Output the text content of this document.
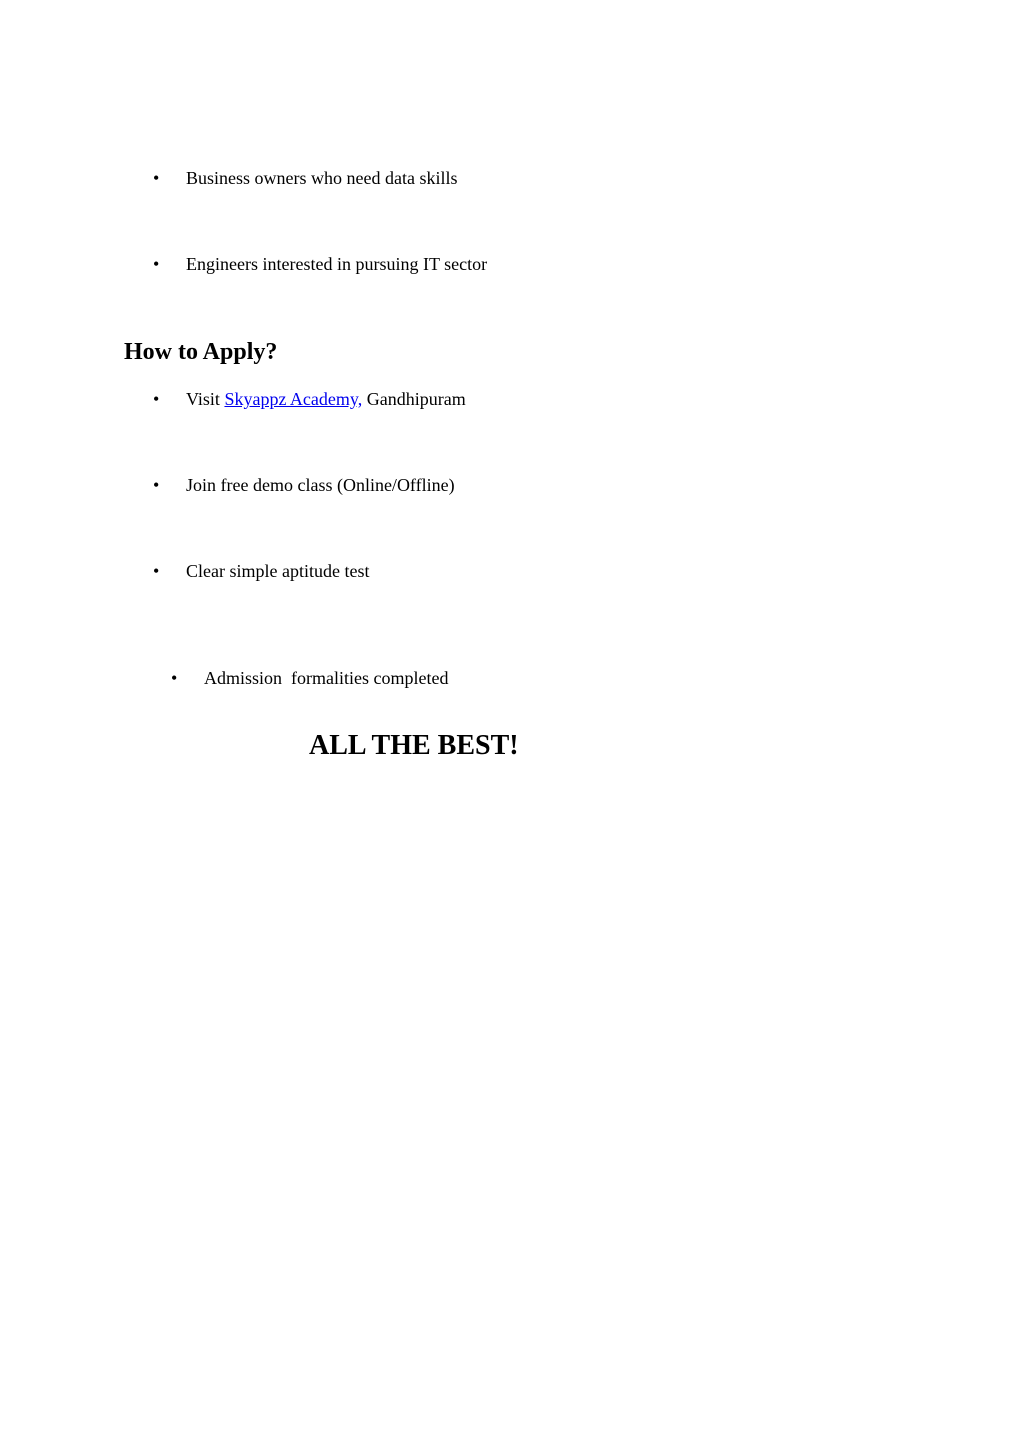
• Business owners who need data skills
• Engineers interested in pursuing IT sector
How to Apply?
• Visit Skyappz Academy, Gandhipuram
• Join free demo class (Online/Offline)
• Clear simple aptitude test

• Admission  formalities completed

ALL THE BEST!
